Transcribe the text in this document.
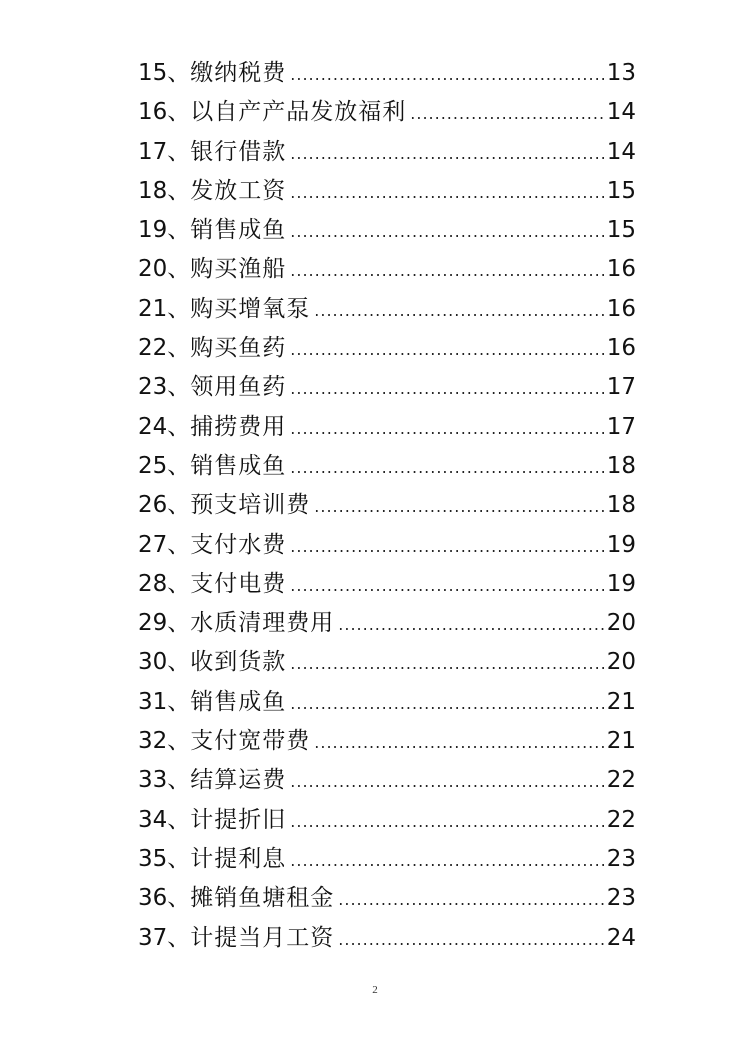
15、 缴纳税费 .....	13
16、 以自产产品发放福利 .....	14
17、 银行借款 .....	14
18、 发放工资 .....	15
19、 销售成鱼 .....	15
20、 购买渔船 .....	16
21、 购买增氧泵 .....	16
22、 购买鱼药 .....	16
23、 领用鱼药 .....	17
24、 捕捞费用 .....	17
25、 销售成鱼 .....	18
26、 预支培训费 .....	18
27、 支付水费 .....	19
28、 支付电费 .....	19
29、 水质清理费用 .....	20
30、 收到货款 .....	20
31、 销售成鱼 .....	21
32、 支付宽带费 .....	21
33、 结算运费 .....	22
34、 计提折旧 .....	22
35、 计提利息 .....	23
36、 摊销鱼塘租金 .....	23
37、 计提当月工资 .....	24
2
